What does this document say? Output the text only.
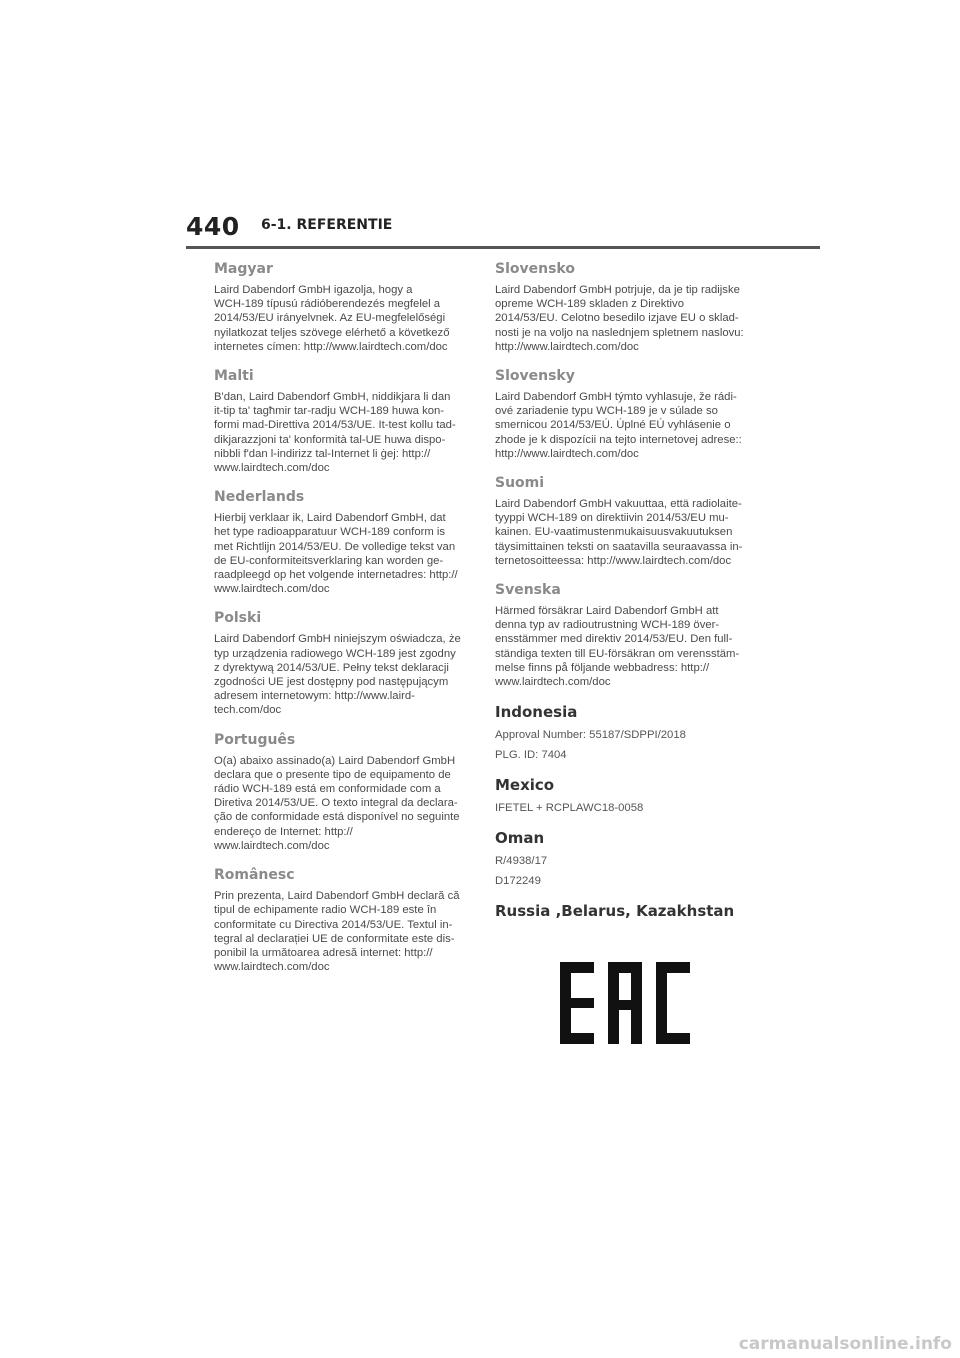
440 6-1. REFERENTIE
Magyar

Laird Dabendorf GmbH igazolja, hogy a
WCH-189 típusú rádióberendezés megfelel a
2014/53/EU irányelvnek. Az EU-megfelelőségi
nyilatkozat teljes szövege elérhető a következő
internetes címen: http://www.lairdtech.com/doc

Malti

B'dan, Laird Dabendorf GmbH, niddikjara li dan
it-tip ta' tagħmir tar-radju WCH-189 huwa kon-
formi mad-Direttiva 2014/53/UE. It-test kollu tad-
dikjarazzjoni ta' konformità tal-UE huwa dispo-
nibbli f'dan l-indirizz tal-Internet li ġej: http://
www.lairdtech.com/doc

Nederlands

Hierbij verklaar ik, Laird Dabendorf GmbH, dat
het type radioapparatuur WCH-189 conform is
met Richtlijn 2014/53/EU. De volledige tekst van
de EU-conformiteitsverklaring kan worden ge-
raadpleegd op het volgende internetadres: http://
www.lairdtech.com/doc

Polski

Laird Dabendorf GmbH niniejszym oświadcza, że
typ urządzenia radiowego WCH-189 jest zgodny
z dyrektywą 2014/53/UE. Pełny tekst deklaracji
zgodności UE jest dostępny pod następującym
adresem internetowym: http://www.laird-
tech.com/doc

Português

O(a) abaixo assinado(a) Laird Dabendorf GmbH
declara que o presente tipo de equipamento de
rádio WCH-189 está em conformidade com a
Diretiva 2014/53/UE. O texto integral da declara-
ção de conformidade está disponível no seguinte
endereço de Internet: http://
www.lairdtech.com/doc

Românesc

Prin prezenta, Laird Dabendorf GmbH declară că
tipul de echipamente radio WCH-189 este în
conformitate cu Directiva 2014/53/UE. Textul in-
tegral al declarației UE de conformitate este dis-
ponibil la următoarea adresă internet: http://
www.lairdtech.com/doc

Slovensko

Laird Dabendorf GmbH potrjuje, da je tip radijske
opreme WCH-189 skladen z Direktivo
2014/53/EU. Celotno besedilo izjave EU o sklad-
nosti je na voljo na naslednjem spletnem naslovu:
http://www.lairdtech.com/doc

Slovensky

Laird Dabendorf GmbH týmto vyhlasuje, že rádi-
ové zariadenie typu WCH-189 je v súlade so
smernicou 2014/53/EÚ. Úplné EÚ vyhlásenie o
zhode je k dispozícii na tejto internetovej adrese::
http://www.lairdtech.com/doc

Suomi

Laird Dabendorf GmbH vakuuttaa, että radiolaite-
tyyppi WCH-189 on direktiivin 2014/53/EU mu-
kainen. EU-vaatimustenmukaisuusvakuutuksen
täysimittainen teksti on saatavilla seuraavassa in-
ternetosoitteessa: http://www.lairdtech.com/doc

Svenska

Härmed försäkrar Laird Dabendorf GmbH att
denna typ av radioutrustning WCH-189 över-
ensstämmer med direktiv 2014/53/EU. Den full-
ständiga texten till EU-försäkran om verensstäm-
melse finns på följande webbadress: http://
www.lairdtech.com/doc

Indonesia

Approval Number: 55187/SDPPI/2018

PLG. ID: 7404

Mexico

IFETEL + RCPLAWC18-0058

Oman

R/4938/17

D172249

Russia ,Belarus, Kazakhstan
carmanualsonline.info
